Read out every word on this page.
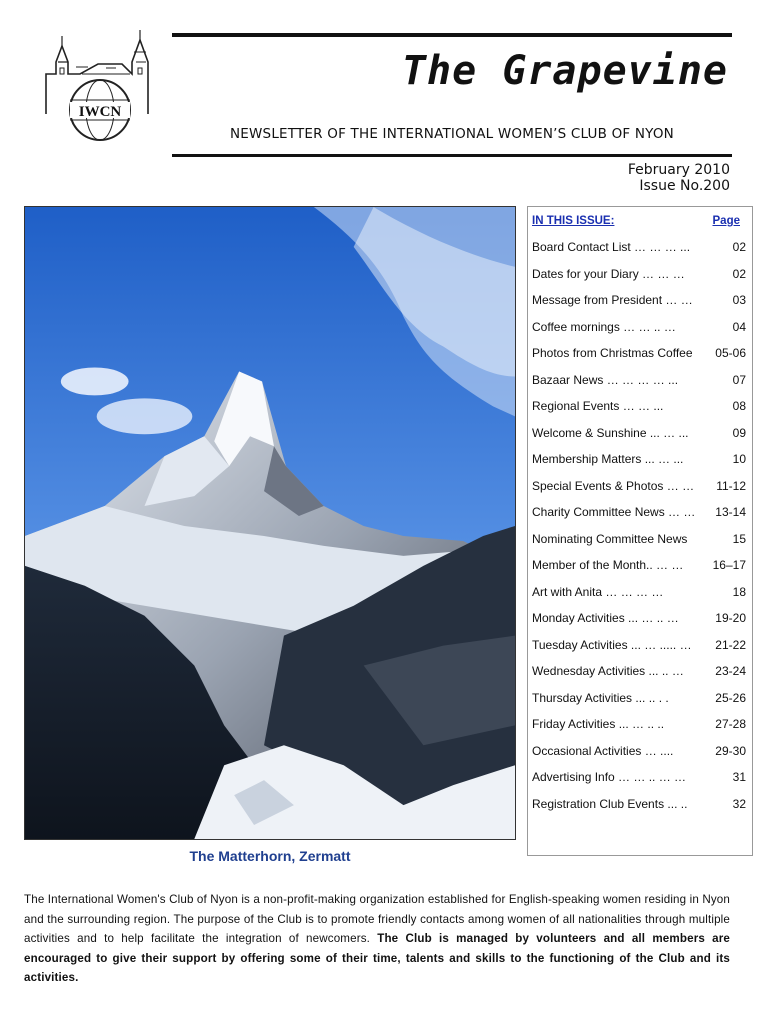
IWCN
The Grapevine
NEWSLETTER OF THE INTERNATIONAL WOMEN’S CLUB OF NYON
February 2010
Issue No.200
The Matterhorn, Zermatt
IN THIS ISSUE:	Page
Board Contact List … … … ...	02
Dates for your Diary … … …	02
Message from President … …	03
Coffee mornings … … .. …	04
Photos from Christmas Coffee 05-06
Bazaar News … … … … ...	07
Regional Events … … ...	08
Welcome & Sunshine ... … ...	09
Membership Matters ... … ...	10
Special Events & Photos … … 11-12
Charity Committee News … … 13-14
Nominating Committee News	15
Member of the Month.. … … 16–17
Art with Anita … … … …	18
Monday Activities ... … .. …	19-20
Tuesday Activities ... … ..... … 21-22
Wednesday Activities ... .. …	23-24
Thursday Activities ... .. . .	25-26
Friday Activities ... … .. ..	27-28
Occasional Activities … ....	29-30
Advertising Info … … .. … …	31
Registration Club Events ... ..	32

The International Women's Club of Nyon is a non-profit-making organization established for English-speaking women residing in Nyon and the surrounding region. The purpose of the Club is to promote friendly contacts among women of all nationalities through multiple activities and to help facilitate the integration of newcomers. The Club is managed by volunteers and all members are encouraged to give their support by offering some of their time, talents and skills to the functioning of the Club and its activities.
